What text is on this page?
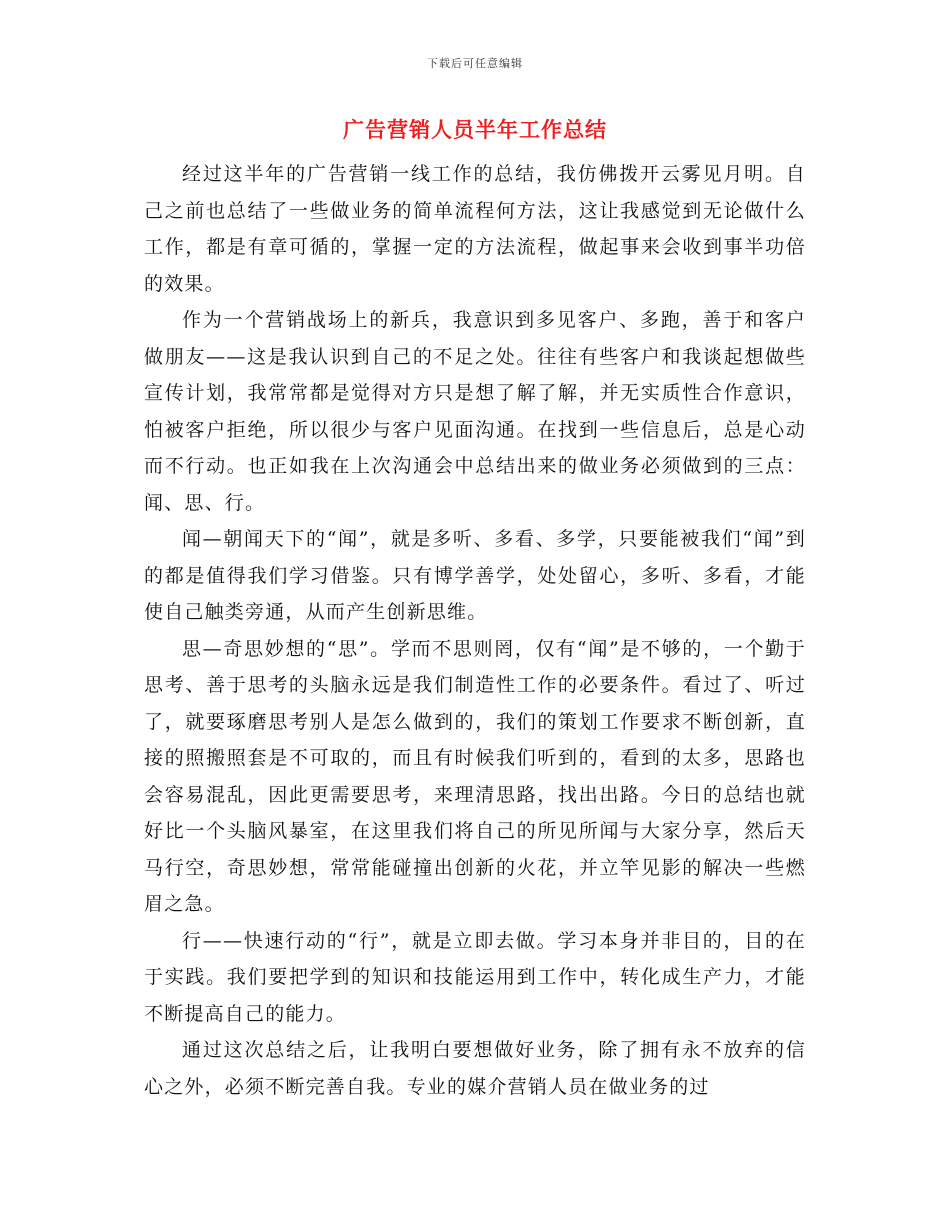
下载后可任意编辑
广告营销人员半年工作总结

经过这半年的广告营销一线工作的总结，我仿佛拨开云雾见月明。自己之前也总结了一些做业务的简单流程何方法，这让我感觉到无论做什么工作，都是有章可循的，掌握一定的方法流程，做起事来会收到事半功倍的效果。

作为一个营销战场上的新兵，我意识到多见客户、多跑，善于和客户做朋友——这是我认识到自己的不足之处。往往有些客户和我谈起想做些宣传计划，我常常都是觉得对方只是想了解了解，并无实质性合作意识，怕被客户拒绝，所以很少与客户见面沟通。在找到一些信息后，总是心动而不行动。也正如我在上次沟通会中总结出来的做业务必须做到的三点：闻、思、行。

闻—朝闻天下的“闻”，就是多听、多看、多学，只要能被我们“闻”到的都是值得我们学习借鉴。只有博学善学，处处留心，多听、多看，才能使自己触类旁通，从而产生创新思维。

思—奇思妙想的“思”。学而不思则罔，仅有“闻”是不够的，一个勤于思考、善于思考的头脑永远是我们制造性工作的必要条件。看过了、听过了，就要琢磨思考别人是怎么做到的，我们的策划工作要求不断创新，直接的照搬照套是不可取的，而且有时候我们听到的，看到的太多，思路也会容易混乱，因此更需要思考，来理清思路，找出出路。今日的总结也就好比一个头脑风暴室，在这里我们将自己的所见所闻与大家分享，然后天马行空，奇思妙想，常常能碰撞出创新的火花，并立竿见影的解决一些燃眉之急。

行——快速行动的“行”，就是立即去做。学习本身并非目的，目的在于实践。我们要把学到的知识和技能运用到工作中，转化成生产力，才能不断提高自己的能力。

通过这次总结之后，让我明白要想做好业务，除了拥有永不放弃的信心之外，必须不断完善自我。专业的媒介营销人员在做业务的过
